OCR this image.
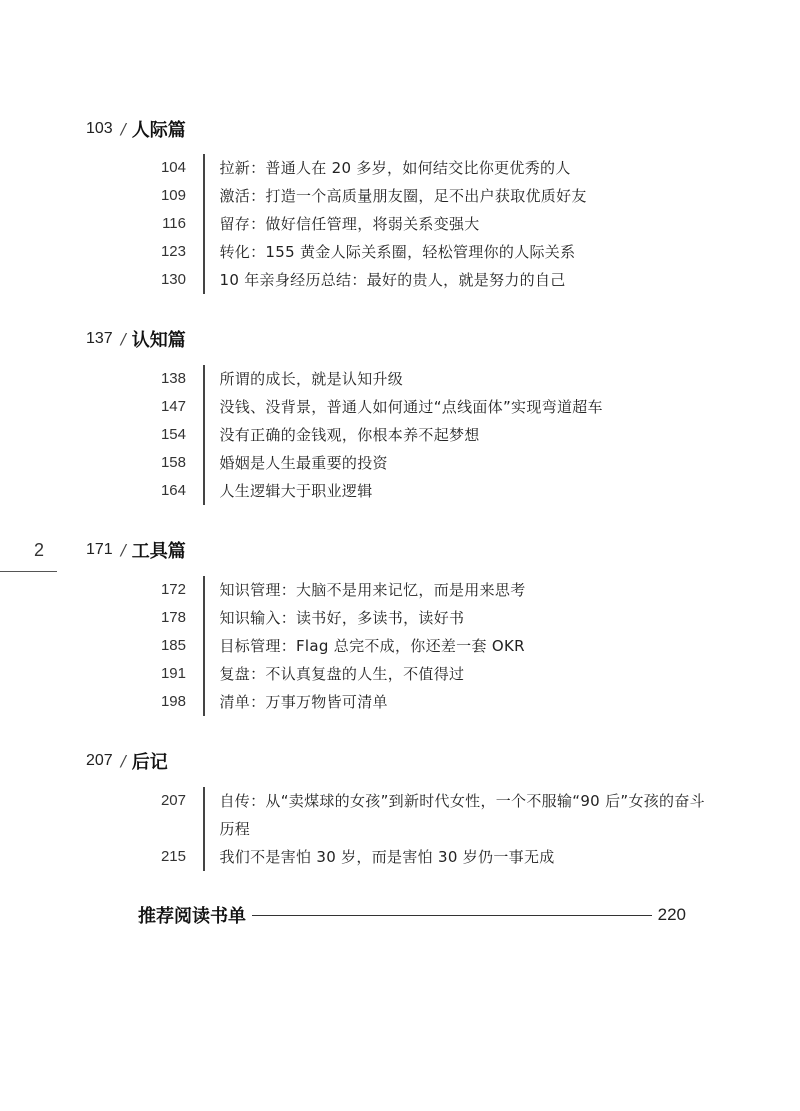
2
103 / 人际篇
104 拉新：普通人在 20 多岁，如何结交比你更优秀的人
109 激活：打造一个高质量朋友圈，足不出户获取优质好友
116 留存：做好信任管理，将弱关系变强大
123 转化：155 黄金人际关系圈，轻松管理你的人际关系
130 10 年亲身经历总结：最好的贵人，就是努力的自己
137 / 认知篇
138 所谓的成长，就是认知升级
147 没钱、没背景，普通人如何通过“点线面体”实现弯道超车
154 没有正确的金钱观，你根本养不起梦想
158 婚姻是人生最重要的投资
164 人生逻辑大于职业逻辑
171 / 工具篇
172 知识管理：大脑不是用来记忆，而是用来思考
178 知识输入：读书好，多读书，读好书
185 目标管理：Flag 总完不成，你还差一套 OKR
191 复盘：不认真复盘的人生，不值得过
198 清单：万事万物皆可清单
207 / 后记
207 自传：从“卖煤球的女孩”到新时代女性，一个不服输“90 后”女孩的奋斗历程
215 我们不是害怕 30 岁，而是害怕 30 岁仍一事无成
推荐阅读书单	220
